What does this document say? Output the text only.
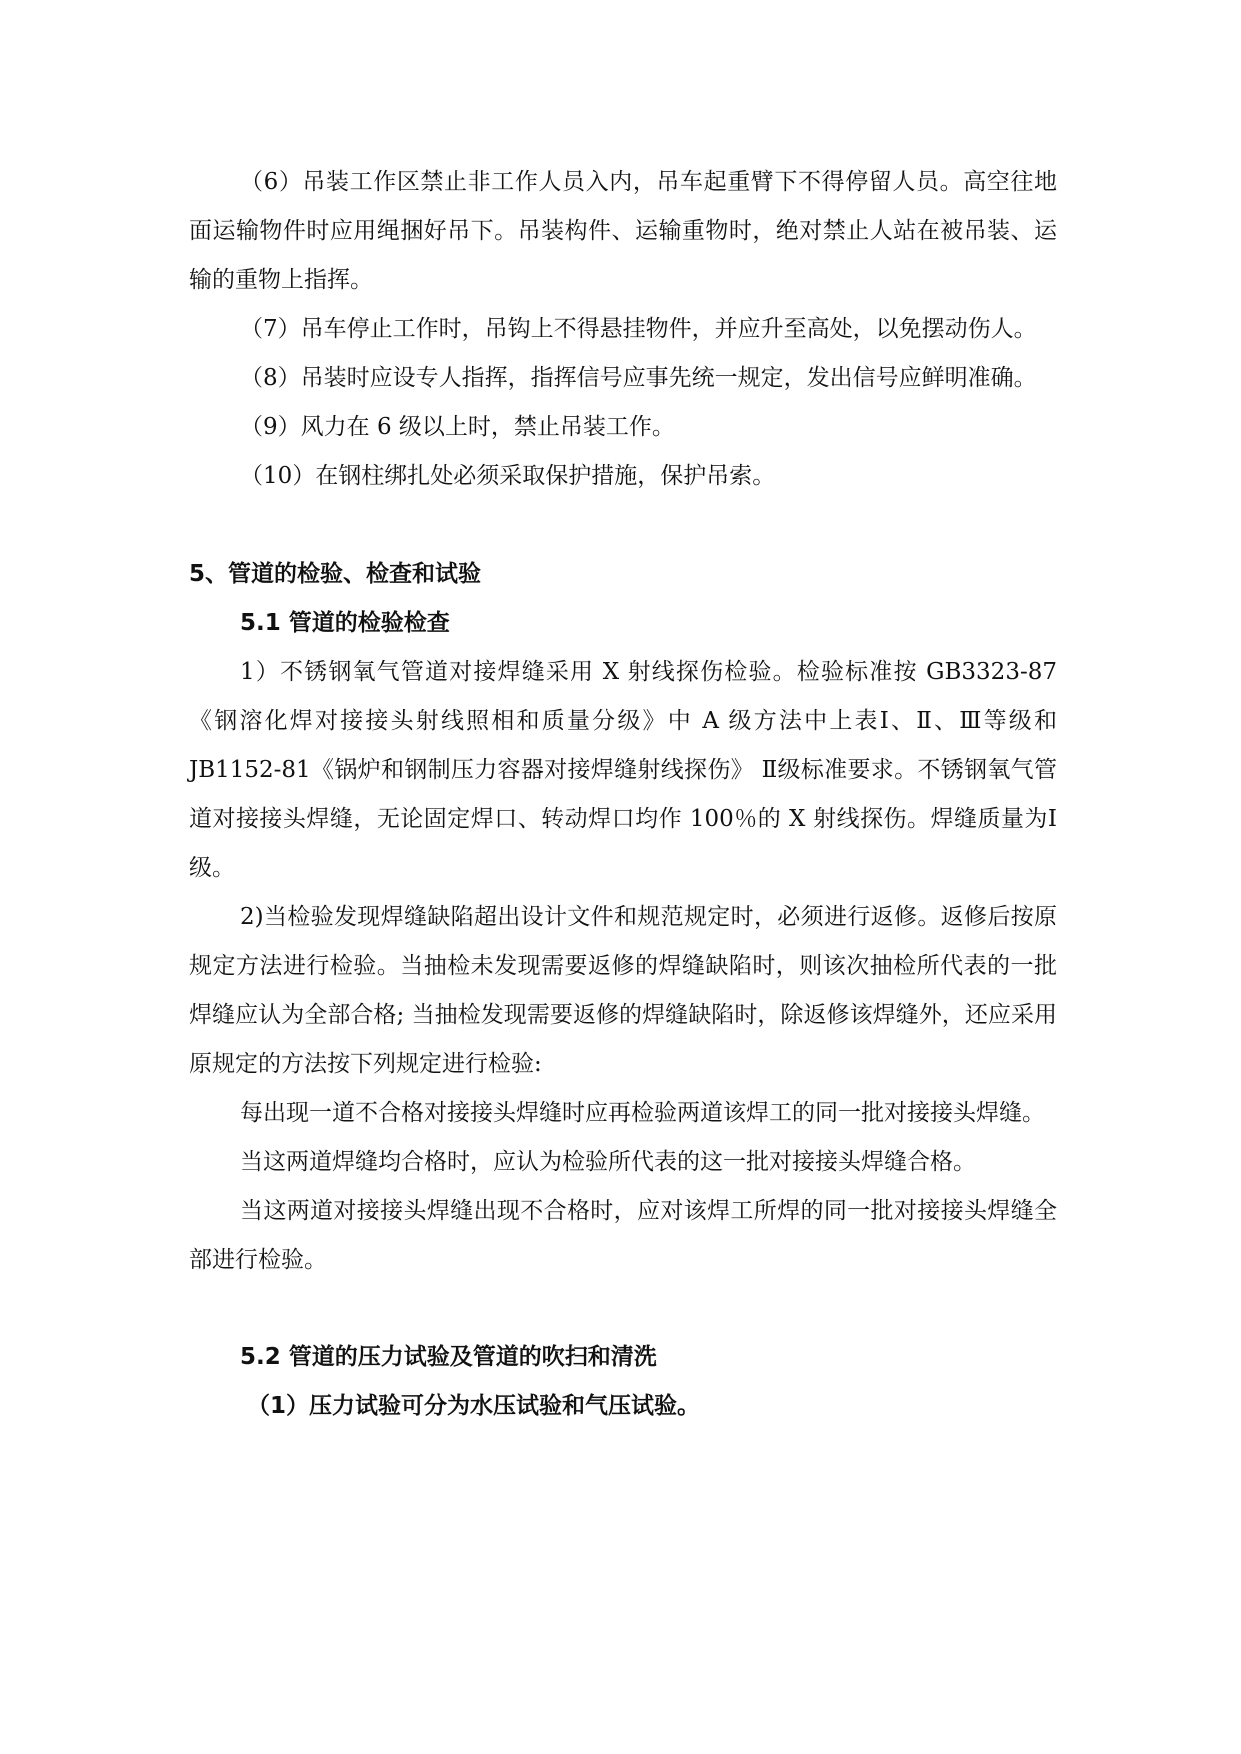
（6）吊装工作区禁止非工作人员入内，吊车起重臂下不得停留人员。高空往地面运输物件时应用绳捆好吊下。吊装构件、运输重物时，绝对禁止人站在被吊装、运输的重物上指挥。

（7）吊车停止工作时，吊钩上不得悬挂物件，并应升至高处，以免摆动伤人。

（8）吊装时应设专人指挥，指挥信号应事先统一规定，发出信号应鲜明准确。

（9）风力在 6 级以上时，禁止吊装工作。

（10）在钢柱绑扎处必须采取保护措施，保护吊索。

5、管道的检验、检查和试验
5.1 管道的检验检查

1）不锈钢氧气管道对接焊缝采用 X 射线探伤检验。检验标准按 GB3323-87《钢溶化焊对接接头射线照相和质量分级》中 A 级方法中上表Ⅰ、Ⅱ、Ⅲ等级和 JB1152-81《锅炉和钢制压力容器对接焊缝射线探伤》 Ⅱ级标准要求。不锈钢氧气管道对接接头焊缝，无论固定焊口、转动焊口均作 100％的 X 射线探伤。焊缝质量为Ⅰ级。

2)当检验发现焊缝缺陷超出设计文件和规范规定时，必须进行返修。返修后按原规定方法进行检验。当抽检未发现需要返修的焊缝缺陷时，则该次抽检所代表的一批焊缝应认为全部合格; 当抽检发现需要返修的焊缝缺陷时，除返修该焊缝外，还应采用原规定的方法按下列规定进行检验:

每出现一道不合格对接接头焊缝时应再检验两道该焊工的同一批对接接头焊缝。

当这两道焊缝均合格时，应认为检验所代表的这一批对接接头焊缝合格。

当这两道对接接头焊缝出现不合格时，应对该焊工所焊的同一批对接接头焊缝全部进行检验。

5.2 管道的压力试验及管道的吹扫和清洗

（1）压力试验可分为水压试验和气压试验。
